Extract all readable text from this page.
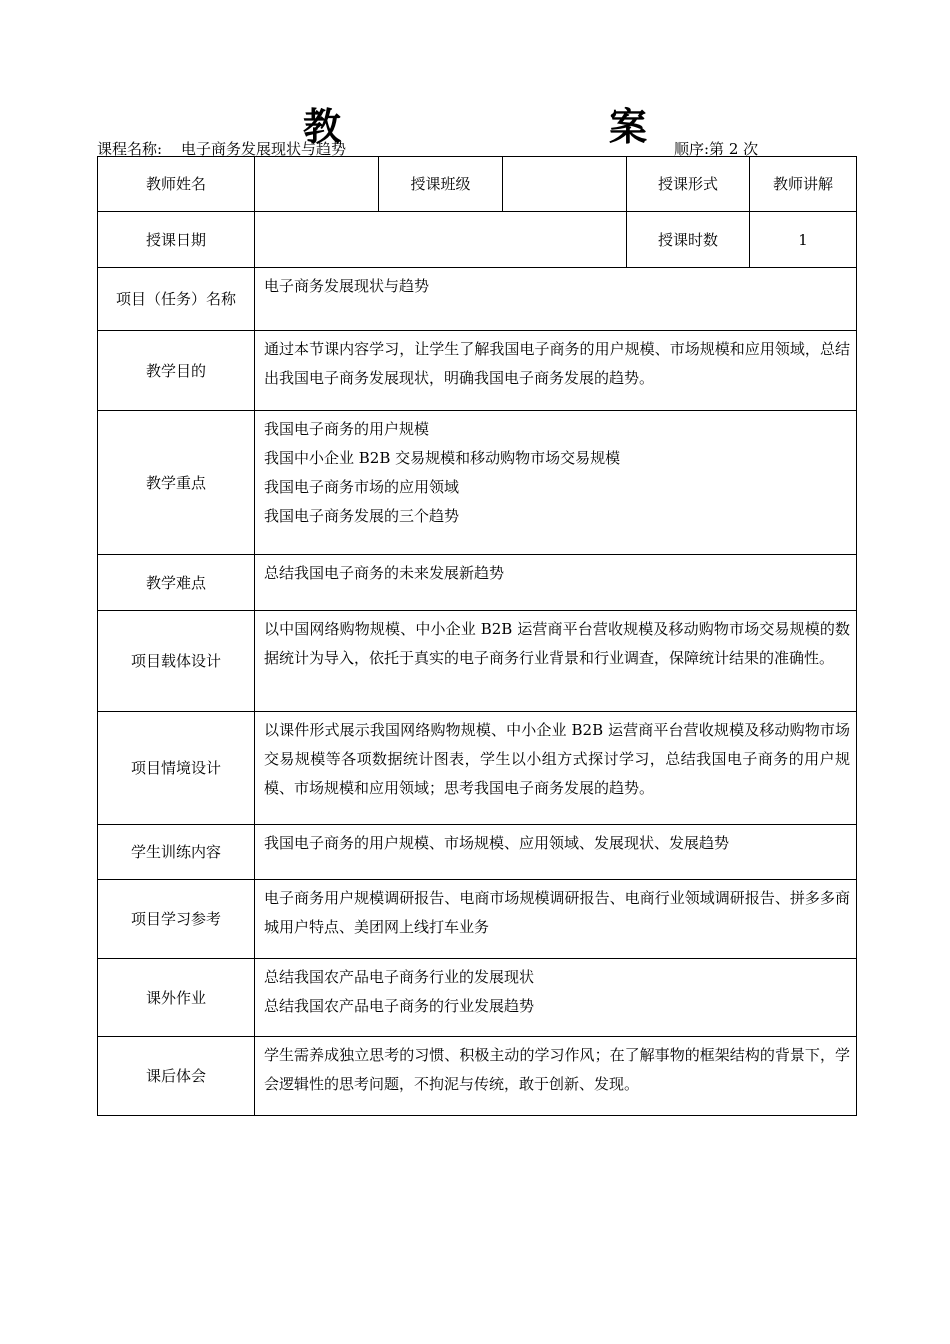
教	案
课程名称: 电子商务发展现状与趋势	顺序:第 2 次
教师姓名		授课班级		授课形式	教师讲解
授课日期				授课时数	1
项目（任务）名称	电子商务发展现状与趋势				
教学目的	通过本节课内容学习，让学生了解我国电子商务的用户规模、市场规模和应用领域，总结出我国电子商务发展现状，明确我国电子商务发展的趋势。				
教学重点	我国电子商务的用户规模
我国中小企业 B2B 交易规模和移动购物市场交易规模
我国电子商务市场的应用领域
我国电子商务发展的三个趋势				

教学难点	总结我国电子商务的未来发展新趋势				
项目载体设计	以中国网络购物规模、中小企业 B2B 运营商平台营收规模及移动购物市场交易规模的数据统计为导入，依托于真实的电子商务行业背景和行业调查，保障统计结果的准确性。				
项目情境设计	以课件形式展示我国网络购物规模、中小企业 B2B 运营商平台营收规模及移动购物市场交易规模等各项数据统计图表，学生以小组方式探讨学习，总结我国电子商务的用户规模、市场规模和应用领域；思考我国电子商务发展的趋势。				
学生训练内容	我国电子商务的用户规模、市场规模、应用领域、发展现状、发展趋势				
项目学习参考	电子商务用户规模调研报告、电商市场规模调研报告、电商行业领域调研报告、拼多多商城用户特点、美团网上线打车业务				
课外作业	总结我国农产品电子商务行业的发展现状
总结我国农产品电子商务的行业发展趋势				

课后体会	学生需养成独立思考的习惯、积极主动的学习作风；在了解事物的框架结构的背景下，学会逻辑性的思考问题，不拘泥与传统，敢于创新、发现。				
